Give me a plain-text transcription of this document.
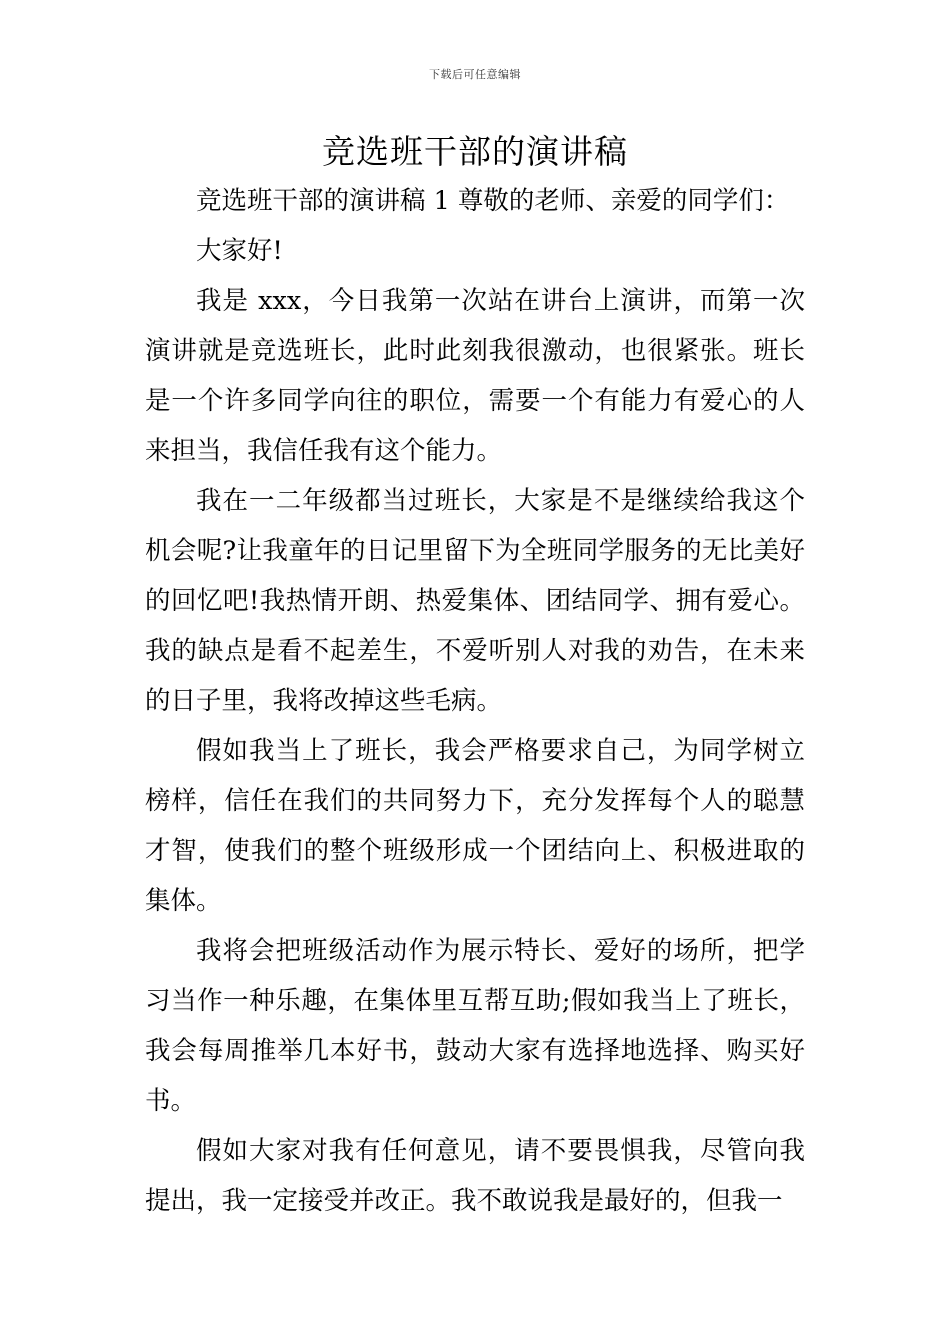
下载后可任意编辑
竞选班干部的演讲稿

竞选班干部的演讲稿 1 尊敬的老师、亲爱的同学们：

大家好!

我是 xxx，今日我第一次站在讲台上演讲，而第一次演讲就是竞选班长，此时此刻我很激动，也很紧张。班长是一个许多同学向往的职位，需要一个有能力有爱心的人来担当，我信任我有这个能力。

我在一二年级都当过班长，大家是不是继续给我这个机会呢?让我童年的日记里留下为全班同学服务的无比美好的回忆吧!我热情开朗、热爱集体、团结同学、拥有爱心。我的缺点是看不起差生，不爱听别人对我的劝告，在未来的日子里，我将改掉这些毛病。

假如我当上了班长，我会严格要求自己，为同学树立榜样，信任在我们的共同努力下，充分发挥每个人的聪慧才智，使我们的整个班级形成一个团结向上、积极进取的集体。

我将会把班级活动作为展示特长、爱好的场所，把学习当作一种乐趣，在集体里互帮互助;假如我当上了班长，我会每周推举几本好书，鼓动大家有选择地选择、购买好书。

假如大家对我有任何意见，请不要畏惧我，尽管向我提出，我一定接受并改正。我不敢说我是最好的，但我一
